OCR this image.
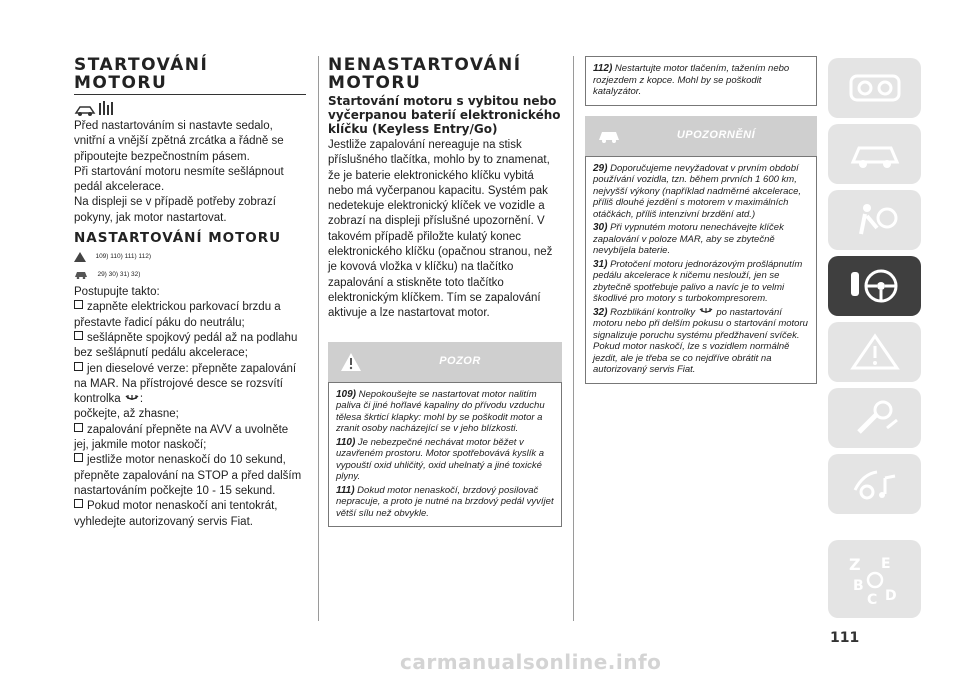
STARTOVÁNÍ MOTORU

Před nastartováním si nastavte sedalo, vnitřní a vnější zpětná zrcátka a řádně se připoutejte bezpečnostním pásem.

Při startování motoru nesmíte sešlápnout pedál akcelerace.

Na displeji se v případě potřeby zobrazí pokyny, jak motor nastartovat.

NASTARTOVÁNÍ MOTORU
109) 110) 111) 112)
29) 30) 31) 32)

Postupujte takto:

zapněte elektrickou parkovací brzdu a přestavte řadicí páku do neutrálu;

sešlápněte spojkový pedál až na podlahu bez sešlápnutí pedálu akcelerace;

jen dieselové verze: přepněte zapalování na MAR. Na přístrojové desce se rozsvítí kontrolka :
počkejte, až zhasne;

zapalování přepněte na AVV a uvolněte jej, jakmile motor naskočí;

jestliže motor nenaskočí do 10 sekund, přepněte zapalování na STOP a před dalším nastartováním počkejte 10 - 15 sekund.

Pokud motor nenaskočí ani tentokrát, vyhledejte autorizovaný servis Fiat.

NENASTARTOVÁNÍ MOTORU
Startování motoru s vybitou nebo vyčerpanou baterií elektronického klíčku (Keyless Entry/Go)

Jestliže zapalování nereaguje na stisk příslušného tlačítka, mohlo by to znamenat, že je baterie elektronického klíčku vybitá nebo má vyčerpanou kapacitu. Systém pak nedetekuje elektronický klíček ve vozidle a zobrazí na displeji příslušné upozornění. V takovém případě přiložte kulatý konec elektronického klíčku (opačnou stranou, než je kovová vložka v klíčku) na tlačítko zapalování a stiskněte toto tlačítko elektronickým klíčkem. Tím se zapalování aktivuje a lze nastartovat motor.

POZOR

109) Nepokoušejte se nastartovat motor nalitím paliva či jiné hořlavé kapaliny do přívodu vzduchu tělesa škrticí klapky: mohl by se poškodit motor a zranit osoby nacházející se v jeho blízkosti.

110) Je nebezpečné nechávat motor běžet v uzavřeném prostoru. Motor spotřebovává kyslík a vypouští oxid uhličitý, oxid uhelnatý a jiné toxické plyny.

111) Dokud motor nenaskočí, brzdový posilovač nepracuje, a proto je nutné na brzdový pedál vyvíjet větší sílu než obvykle.

112) Nestartujte motor tlačením, tažením nebo rozjezdem z kopce. Mohl by se poškodit katalyzátor.

UPOZORNĚNÍ

29) Doporučujeme nevyžadovat v prvním období používání vozidla, tzn. během prvních 1 600 km, nejvyšší výkony (například nadměrné akcelerace, příliš dlouhé jezdění s motorem v maximálních otáčkách, příliš intenzivní brzdění atd.)

30) Při vypnutém motoru nenechávejte klíček zapalování v poloze MAR, aby se zbytečně nevybíjela baterie.

31) Protočení motoru jednorázovým prošlápnutím pedálu akcelerace k ničemu neslouží, jen se zbytečně spotřebuje palivo a navíc je to velmi škodlivé pro motory s turbokompresorem.

32) Rozblikání kontrolky po nastartování motoru nebo při delším pokusu o startování motoru signalizuje poruchu systému předžhavení svíček. Pokud motor naskočí, lze s vozidlem normálně jezdit, ale je třeba se co nejdříve obrátit na autorizovaný servis Fiat.

Z E
B
C D
111
carmanualsonline.info
